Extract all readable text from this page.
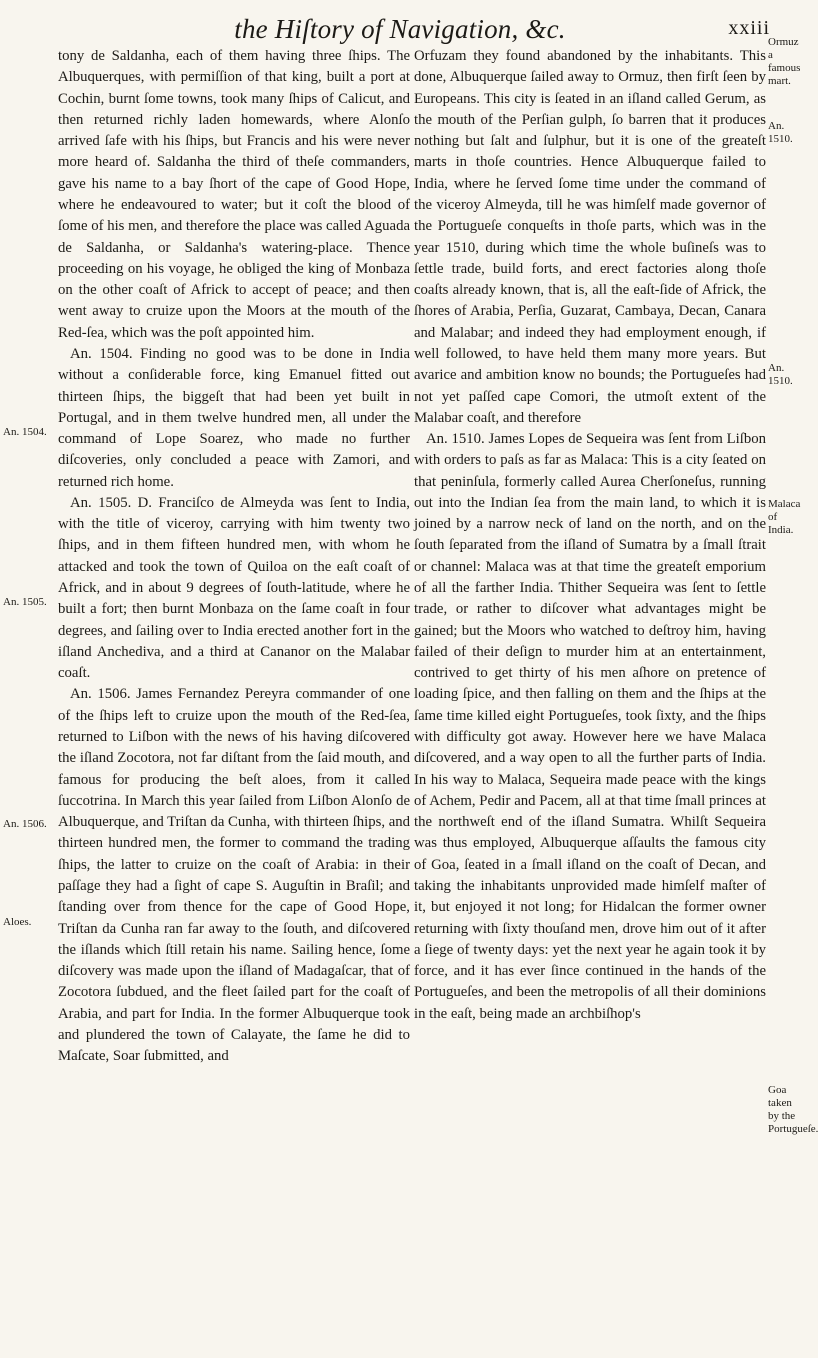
the Hiſtory of Navigation, &c.	xxiii
An. 1504.
An. 1505.
An. 1506.
Aloes.
Ormuz a famous mart.
An. 1510.
An. 1510.
Malaca of India.
Goa taken by the Portugueſe.

tony de Saldanha, each of them having three ſhips. The Albuquerques, with permiſſion of that king, built a port at Cochin, burnt ſome towns, took many ſhips of Calicut, and then returned richly laden homewards, where Alonſo arrived ſafe with his ſhips, but Francis and his were never more heard of. Saldanha the third of theſe commanders, gave his name to a bay ſhort of the cape of Good Hope, where he endeavoured to water; but it coſt the blood of ſome of his men, and therefore the place was called Aguada de Saldanha, or Saldanha's watering-place. Thence proceeding on his voyage, he obliged the king of Monbaza on the other coaſt of Africk to accept of peace; and then went away to cruize upon the Moors at the mouth of the Red-ſea, which was the poſt appointed him.

An. 1504. Finding no good was to be done in India without a conſiderable force, king Emanuel fitted out thirteen ſhips, the biggeſt that had been yet built in Portugal, and in them twelve hundred men, all under the command of Lope Soarez, who made no further diſcoveries, only concluded a peace with Zamori, and returned rich home.

An. 1505. D. Franciſco de Almeyda was ſent to India, with the title of viceroy, carrying with him twenty two ſhips, and in them fifteen hundred men, with whom he attacked and took the town of Quiloa on the eaſt coaſt of Africk, and in about 9 degrees of ſouth-latitude, where he built a fort; then burnt Monbaza on the ſame coaſt in four degrees, and ſailing over to India erected another fort in the iſland Anchediva, and a third at Cananor on the Malabar coaſt.

An. 1506. James Fernandez Pereyra commander of one of the ſhips left to cruize upon the mouth of the Red-ſea, returned to Liſbon with the news of his having diſcovered the iſland Zocotora, not far diſtant from the ſaid mouth, and famous for producing the beſt aloes, from it called ſuccotrina. In March this year ſailed from Liſbon Alonſo de Albuquerque, and Triſtan da Cunha, with thirteen ſhips, and thirteen hundred men, the former to command the trading ſhips, the latter to cruize on the coaſt of Arabia: in their paſſage they had a ſight of cape S. Auguſtin in Braſil; and ſtanding over from thence for the cape of Good Hope, Triſtan da Cunha ran far away to the ſouth, and diſcovered the iſlands which ſtill retain his name. Sailing hence, ſome diſcovery was made upon the iſland of Madagaſcar, that of Zocotora ſubdued, and the fleet ſailed part for the coaſt of Arabia, and part for India. In the former Albuquerque took and plundered the town of Calayate, the ſame he did to Maſcate, Soar ſubmitted, and

Orfuzam they found abandoned by the inhabitants. This done, Albuquerque ſailed away to Ormuz, then firſt ſeen by Europeans. This city is ſeated in an iſland called Gerum, as the mouth of the Perſian gulph, ſo barren that it produces nothing but ſalt and ſulphur, but it is one of the greateſt marts in thoſe countries. Hence Albuquerque failed to India, where he ſerved ſome time under the command of the viceroy Almeyda, till he was himſelf made governor of the Portugueſe conqueſts in thoſe parts, which was in the year 1510, during which time the whole buſineſs was to ſettle trade, build forts, and erect factories along thoſe coaſts already known, that is, all the eaſt-ſide of Africk, the ſhores of Arabia, Perſia, Guzarat, Cambaya, Decan, Canara and Malabar; and indeed they had employment enough, if well followed, to have held them many more years. But avarice and ambition know no bounds; the Portugueſes had not yet paſſed cape Comori, the utmoſt extent of the Malabar coaſt, and therefore

An. 1510. James Lopes de Sequeira was ſent from Liſbon with orders to paſs as far as Malaca: This is a city ſeated on that peninſula, formerly called Aurea Cherſoneſus, running out into the Indian ſea from the main land, to which it is joined by a narrow neck of land on the north, and on the ſouth ſeparated from the iſland of Sumatra by a ſmall ſtrait or channel: Malaca was at that time the greateſt emporium of all the farther India. Thither Sequeira was ſent to ſettle trade, or rather to diſcover what advantages might be gained; but the Moors who watched to deſtroy him, having failed of their deſign to murder him at an entertainment, contrived to get thirty of his men aſhore on pretence of loading ſpice, and then falling on them and the ſhips at the ſame time killed eight Portugueſes, took ſixty, and the ſhips with difficulty got away. However here we have Malaca diſcovered, and a way open to all the further parts of India. In his way to Malaca, Sequeira made peace with the kings of Achem, Pedir and Pacem, all at that time ſmall princes at the northweſt end of the iſland Sumatra. Whilſt Sequeira was thus employed, Albuquerque aſſaults the famous city of Goa, ſeated in a ſmall iſland on the coaſt of Decan, and taking the inhabitants unprovided made himſelf maſter of it, but enjoyed it not long; for Hidalcan the former owner returning with ſixty thouſand men, drove him out of it after a ſiege of twenty days: yet the next year he again took it by force, and it has ever ſince continued in the hands of the Portugueſes, and been the metropolis of all their dominions in the eaſt, being made an archbiſhop's
